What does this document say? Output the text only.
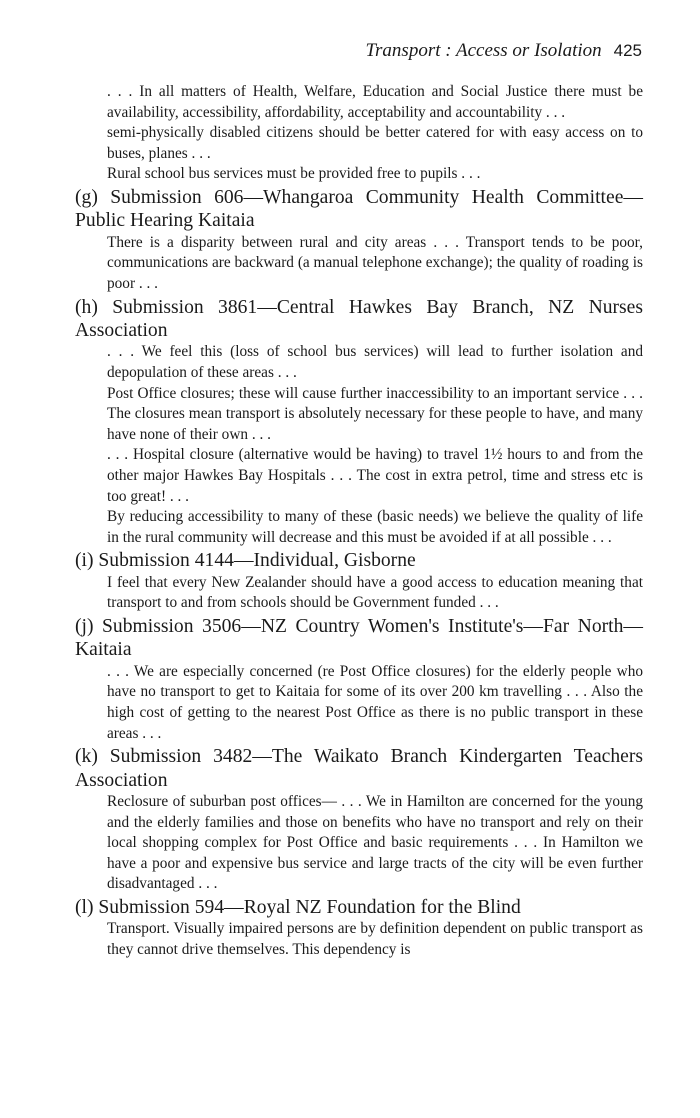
Transport : Access or Isolation 425

. . . In all matters of Health, Welfare, Education and Social Justice there must be availability, accessibility, affordability, acceptability and accountability . . .

semi-physically disabled citizens should be better catered for with easy access on to buses, planes . . .

Rural school bus services must be provided free to pupils . . .

(g) Submission 606—Whangaroa Community Health Committee—Public Hearing Kaitaia

There is a disparity between rural and city areas . . . Transport tends to be poor, communications are backward (a manual telephone exchange); the quality of roading is poor . . .

(h) Submission 3861—Central Hawkes Bay Branch, NZ Nurses Association

. . . We feel this (loss of school bus services) will lead to further isolation and depopulation of these areas . . .

Post Office closures; these will cause further inaccessibility to an important service . . . The closures mean transport is absolutely necessary for these people to have, and many have none of their own . . .

. . . Hospital closure (alternative would be having) to travel 1½ hours to and from the other major Hawkes Bay Hospitals . . . The cost in extra petrol, time and stress etc is too great! . . .

By reducing accessibility to many of these (basic needs) we believe the quality of life in the rural community will decrease and this must be avoided if at all possible . . .

(i) Submission 4144—Individual, Gisborne

I feel that every New Zealander should have a good access to education meaning that transport to and from schools should be Government funded . . .

(j) Submission 3506—NZ Country Women's Institute's—Far North—Kaitaia

. . . We are especially concerned (re Post Office closures) for the elderly people who have no transport to get to Kaitaia for some of its over 200 km travelling . . . Also the high cost of getting to the nearest Post Office as there is no public transport in these areas . . .

(k) Submission 3482—The Waikato Branch Kindergarten Teachers Association

Reclosure of suburban post offices— . . . We in Hamilton are concerned for the young and the elderly families and those on benefits who have no transport and rely on their local shopping complex for Post Office and basic requirements . . . In Hamilton we have a poor and expensive bus service and large tracts of the city will be even further disadvantaged . . .

(l) Submission 594—Royal NZ Foundation for the Blind

Transport. Visually impaired persons are by definition dependent on public transport as they cannot drive themselves. This dependency is
